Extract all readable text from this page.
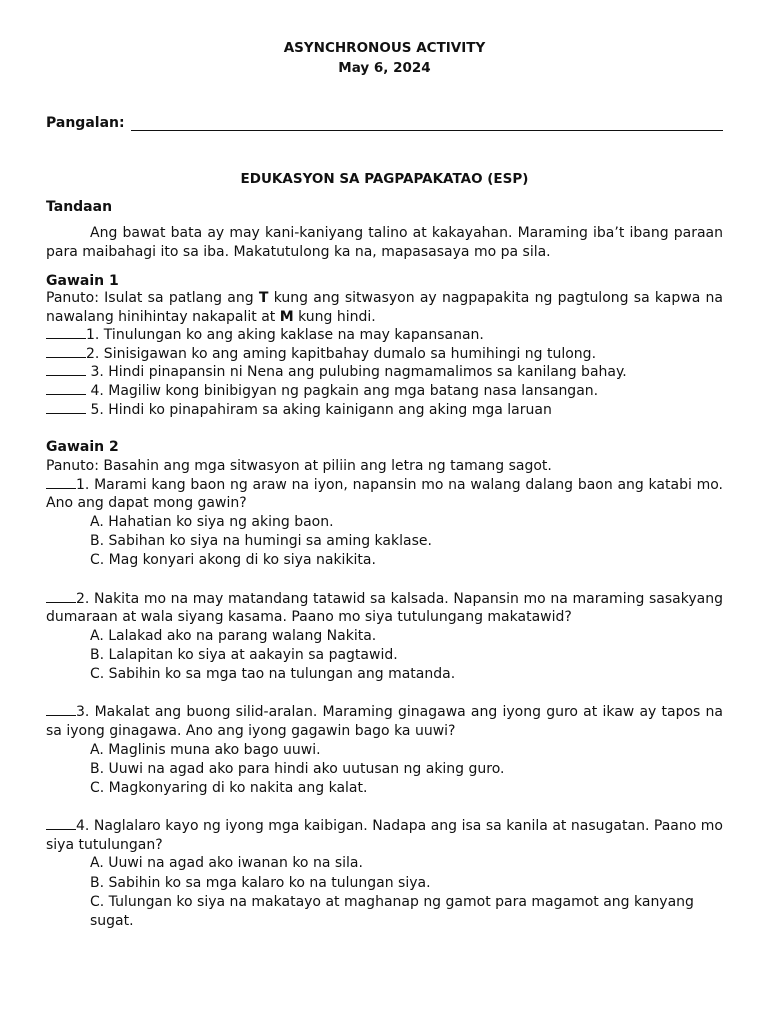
ASYNCHRONOUS ACTIVITY
May 6, 2024
Pangalan:
EDUKASYON SA PAGPAPAKATAO (ESP)
Tandaan

Ang bawat bata ay may kani-kaniyang talino at kakayahan. Maraming iba’t ibang paraan para maibahagi ito sa iba. Makatutulong ka na, mapasasaya mo pa sila.

Gawain 1

Panuto: Isulat sa patlang ang T kung ang sitwasyon ay nagpapakita ng pagtulong sa kapwa na nawalang hinihintay nakapalit at M kung hindi.

1. Tinulungan ko ang aking kaklase na may kapansanan.

2. Sinisigawan ko ang aming kapitbahay dumalo sa humihingi ng tulong.

3. Hindi pinapansin ni Nena ang pulubing nagmamalimos sa kanilang bahay.

4. Magiliw kong binibigyan ng pagkain ang mga batang nasa lansangan.

5. Hindi ko pinapahiram sa aking kainigann ang aking mga laruan

Gawain 2

Panuto: Basahin ang mga sitwasyon at piliin ang letra ng tamang sagot.

1. Marami kang baon ng araw na iyon, napansin mo na walang dalang baon ang katabi mo. Ano ang dapat mong gawin?
A. Hahatian ko siya ng aking baon.
B. Sabihan ko siya na humingi sa aming kaklase.
C. Mag konyari akong di ko siya nakikita.
2. Nakita mo na may matandang tatawid sa kalsada. Napansin mo na maraming sasakyang dumaraan at wala siyang kasama. Paano mo siya tutulungang makatawid?
A. Lalakad ako na parang walang Nakita.
B. Lalapitan ko siya at aakayin sa pagtawid.
C. Sabihin ko sa mga tao na tulungan ang matanda.
3. Makalat ang buong silid-aralan. Maraming ginagawa ang iyong guro at ikaw ay tapos na sa iyong ginagawa. Ano ang iyong gagawin bago ka uuwi?
A. Maglinis muna ako bago uuwi.
B. Uuwi na agad ako para hindi ako uutusan ng aking guro.
C. Magkonyaring di ko nakita ang kalat.
4. Naglalaro kayo ng iyong mga kaibigan. Nadapa ang isa sa kanila at nasugatan. Paano mo siya tutulungan?
A. Uuwi na agad ako iwanan ko na sila.
B. Sabihin ko sa mga kalaro ko na tulungan siya.
C. Tulungan ko siya na makatayo at maghanap ng gamot para magamot ang kanyang sugat.
